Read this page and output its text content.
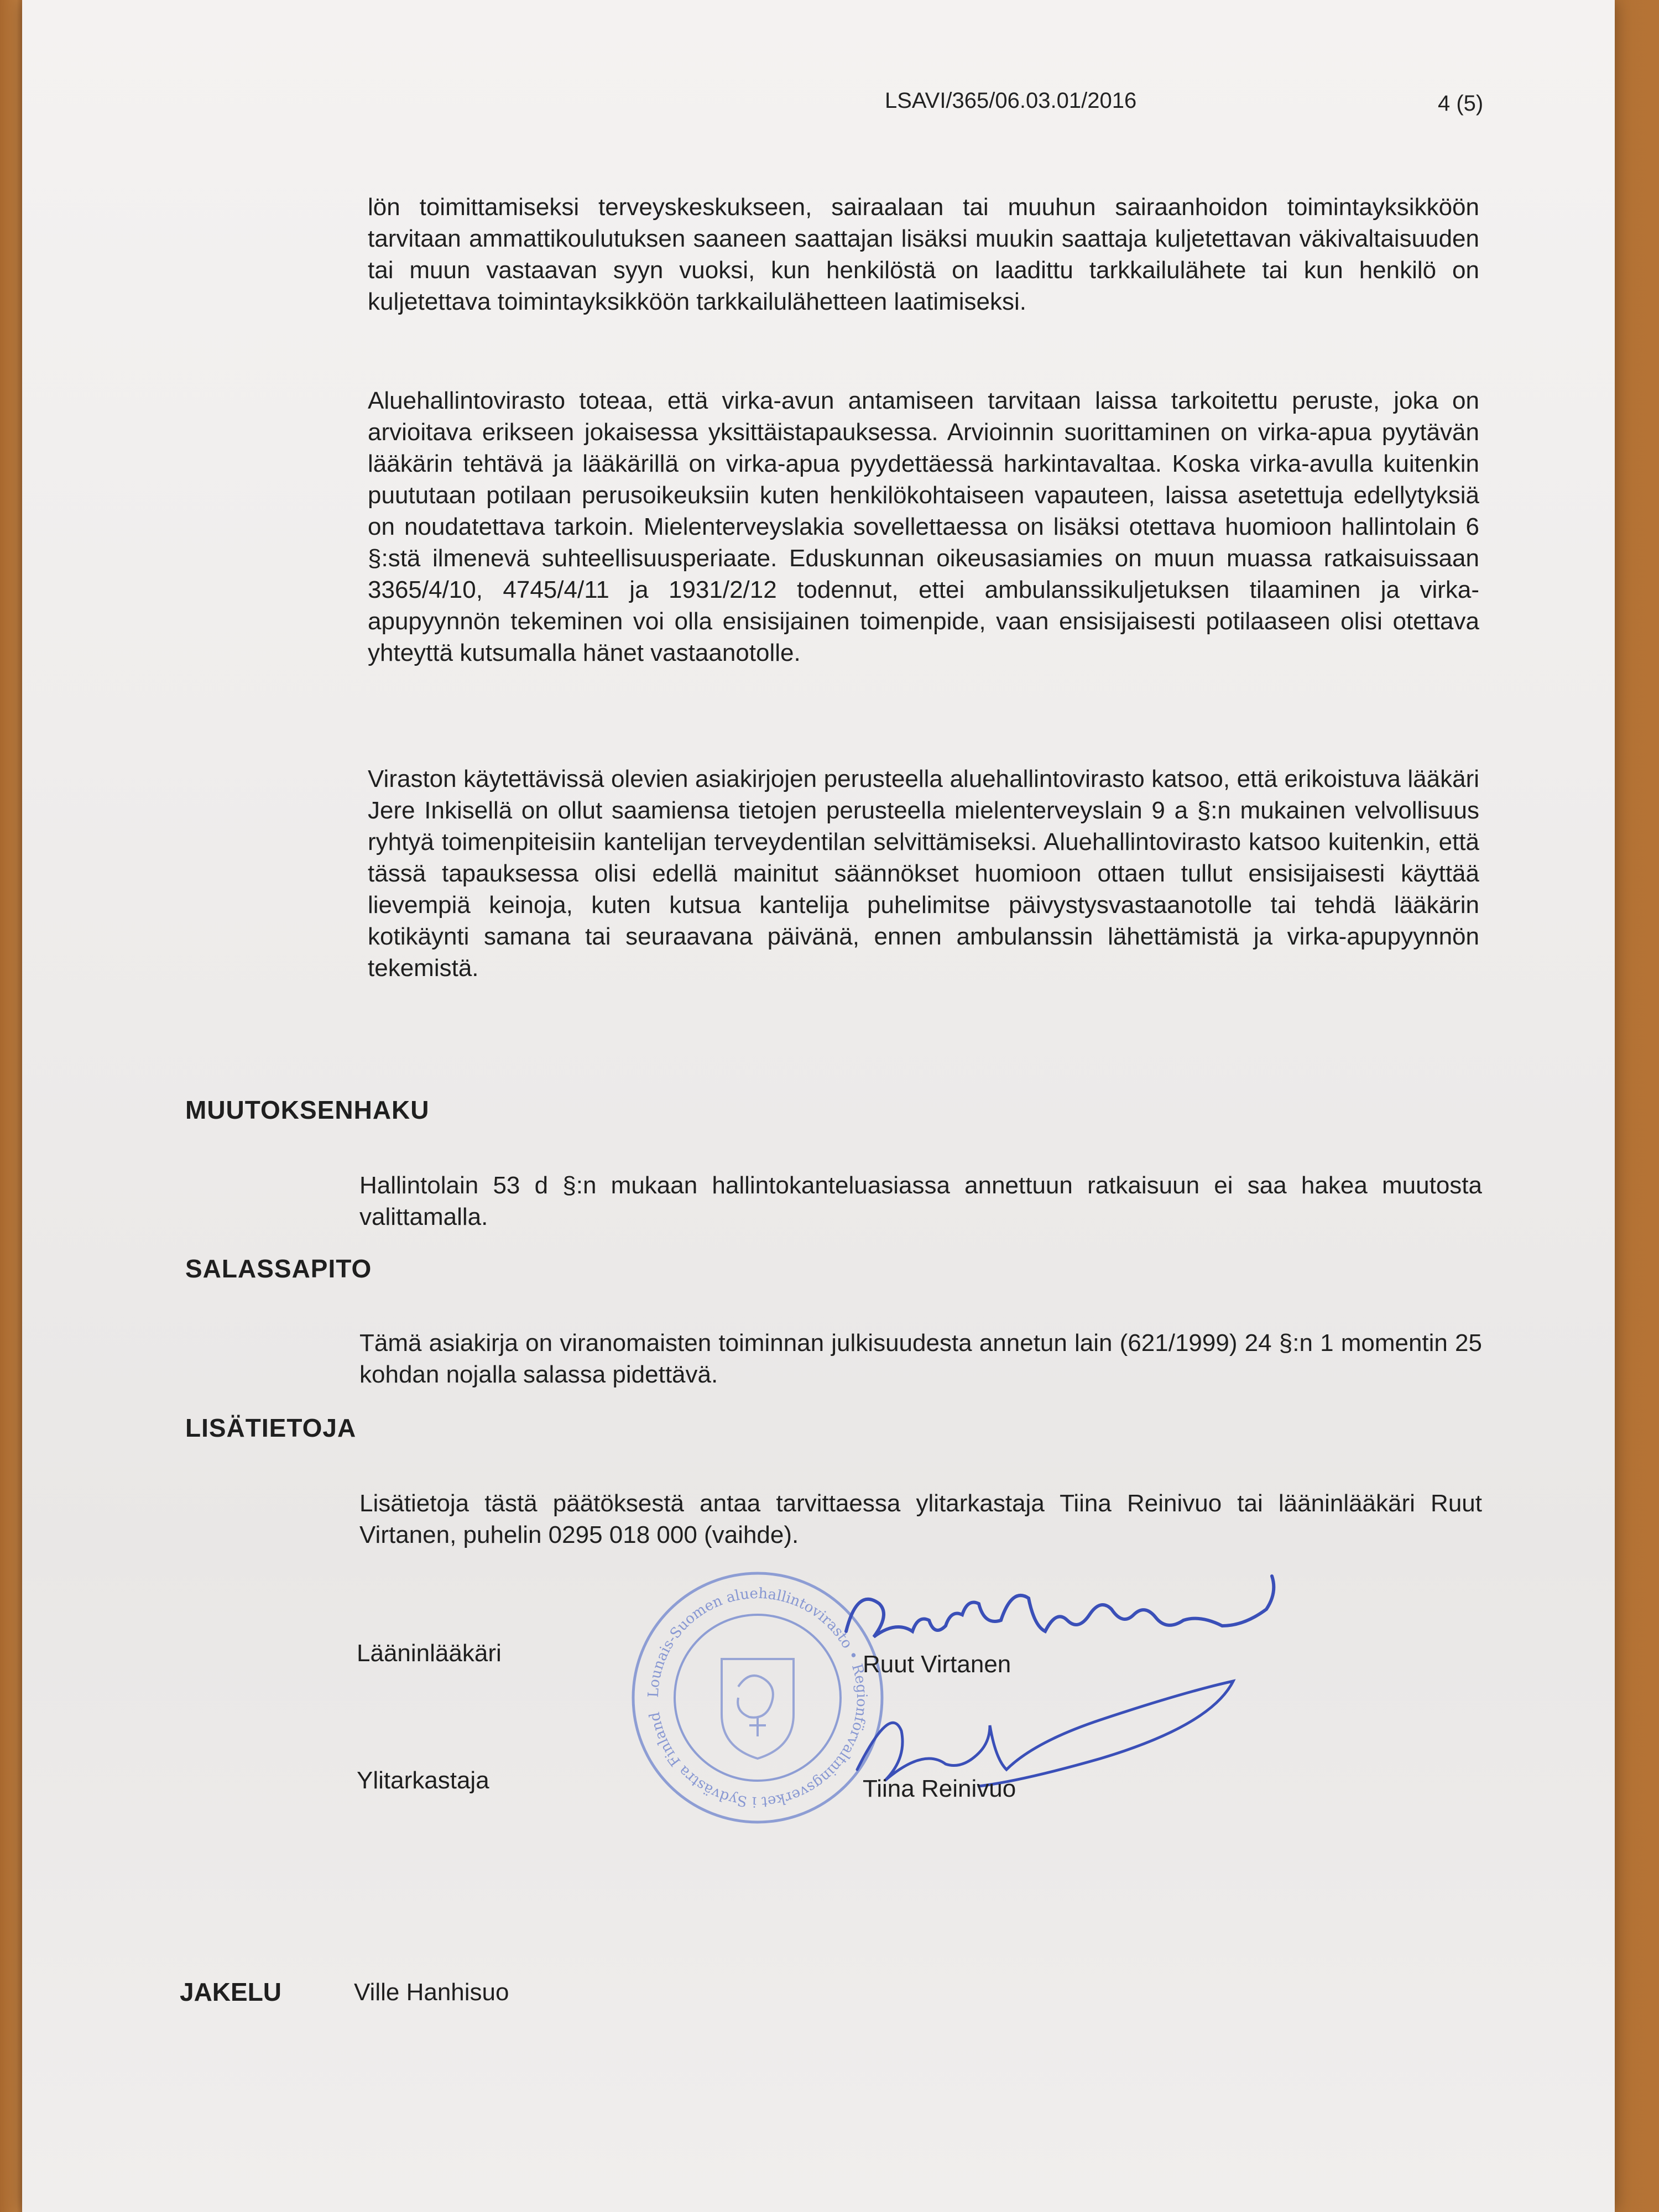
LSAVI/365/06.03.01/2016	4 (5)
lön toimittamiseksi terveyskeskukseen, sairaalaan tai muuhun sairaanhoidon toimintayksikköön tarvitaan ammattikoulutuksen saaneen saattajan lisäksi muukin saattaja kuljetettavan väkivaltaisuuden tai muun vastaavan syyn vuoksi, kun henkilöstä on laadittu tarkkailulähete tai kun henkilö on kuljetettava toimintayksikköön tarkkailulähetteen laatimiseksi.
Aluehallintovirasto toteaa, että virka-avun antamiseen tarvitaan laissa tarkoitettu peruste, joka on arvioitava erikseen jokaisessa yksittäistapauksessa. Arvioinnin suorittaminen on virka-apua pyytävän lääkärin tehtävä ja lääkärillä on virka-apua pyydettäessä harkintavaltaa. Koska virka-avulla kuitenkin puututaan potilaan perusoikeuksiin kuten henkilökohtaiseen vapauteen, laissa asetettuja edellytyksiä on noudatettava tarkoin. Mielenterveyslakia sovellettaessa on lisäksi otettava huomioon hallintolain 6 §:stä ilmenevä suhteellisuusperiaate. Eduskunnan oikeusasiamies on muun muassa ratkaisuissaan 3365/4/10, 4745/4/11 ja 1931/2/12 todennut, ettei ambulanssikuljetuksen tilaaminen ja virka-apupyynnön tekeminen voi olla ensisijainen toimenpide, vaan ensisijaisesti potilaaseen olisi otettava yhteyttä kutsumalla hänet vastaanotolle.
Viraston käytettävissä olevien asiakirjojen perusteella aluehallintovirasto katsoo, että erikoistuva lääkäri Jere Inkisellä on ollut saamiensa tietojen perusteella mielenterveyslain 9 a §:n mukainen velvollisuus ryhtyä toimenpiteisiin kantelijan terveydentilan selvittämiseksi. Aluehallintovirasto katsoo kuitenkin, että tässä tapauksessa olisi edellä mainitut säännökset huomioon ottaen tullut ensisijaisesti käyttää lievempiä keinoja, kuten kutsua kantelija puhelimitse päivystysvastaanotolle tai tehdä lääkärin kotikäynti samana tai seuraavana päivänä, ennen ambulanssin lähettämistä ja virka-apupyynnön tekemistä.
MUUTOKSENHAKU
Hallintolain 53 d §:n mukaan hallintokanteluasiassa annettuun ratkaisuun ei saa hakea muutosta valittamalla.
SALASSAPITO
Tämä asiakirja on viranomaisten toiminnan julkisuudesta annetun lain (621/1999) 24 §:n 1 momentin 25 kohdan nojalla salassa pidettävä.
LISÄTIETOJA
Lisätietoja tästä päätöksestä antaa tarvittaessa ylitarkastaja Tiina Reinivuo tai lääninlääkäri Ruut Virtanen, puhelin 0295 018 000 (vaihde).
Lounais-Suomen aluehallintovirasto • Regionförvaltningsverket i Sydvästra Finland
Lääninlääkäri	Ruut Virtanen
Ylitarkastaja	Tiina Reinivuo
JAKELU	Ville Hanhisuo
